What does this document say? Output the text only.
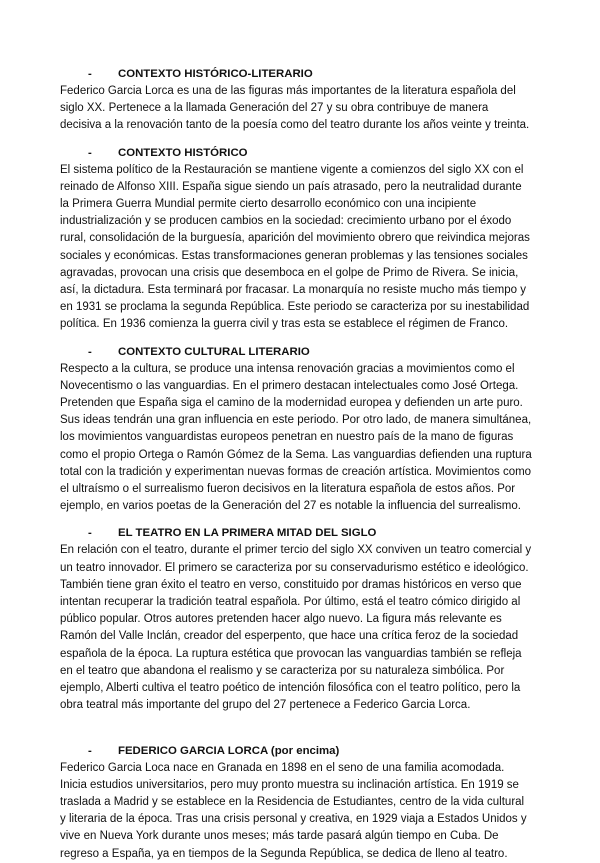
- CONTEXTO HISTÓRICO-LITERARIO

Federico Garcia Lorca es una de las figuras más importantes de la literatura española del
siglo XX. Pertenece a la llamada Generación del 27 y su obra contribuye de manera
decisiva a la renovación tanto de la poesía como del teatro durante los años veinte y treinta.

- CONTEXTO HISTÓRICO

El sistema político de la Restauración se mantiene vigente a comienzos del siglo XX con el
reinado de Alfonso XIII. España sigue siendo un país atrasado, pero la neutralidad durante
la Primera Guerra Mundial permite cierto desarrollo económico con una incipiente
industrialización y se producen cambios en la sociedad: crecimiento urbano por el éxodo
rural, consolidación de la burguesía, aparición del movimiento obrero que reivindica mejoras
sociales y económicas. Estas transformaciones generan problemas y las tensiones sociales
agravadas, provocan una crisis que desemboca en el golpe de Primo de Rivera. Se inicia,
así, la dictadura. Esta terminará por fracasar. La monarquía no resiste mucho más tiempo y
en 1931 se proclama la segunda República. Este periodo se caracteriza por su inestabilidad
política. En 1936 comienza la guerra civil y tras esta se establece el régimen de Franco.

- CONTEXTO CULTURAL LITERARIO

Respecto a la cultura, se produce una intensa renovación gracias a movimientos como el
Novecentismo o las vanguardias. En el primero destacan intelectuales como José Ortega.
Pretenden que España siga el camino de la modernidad europea y defienden un arte puro.
Sus ideas tendrán una gran influencia en este periodo. Por otro lado, de manera simultánea,
los movimientos vanguardistas europeos penetran en nuestro país de la mano de figuras
como el propio Ortega o Ramón Gómez de la Sema. Las vanguardias defienden una ruptura
total con la tradición y experimentan nuevas formas de creación artística. Movimientos como
el ultraísmo o el surrealismo fueron decisivos en la literatura española de estos años. Por
ejemplo, en varios poetas de la Generación del 27 es notable la influencia del surrealismo.

- EL TEATRO EN LA PRIMERA MITAD DEL SIGLO

En relación con el teatro, durante el primer tercio del siglo XX conviven un teatro comercial y
un teatro innovador. El primero se caracteriza por su conservadurismo estético e ideológico.
También tiene gran éxito el teatro en verso, constituido por dramas históricos en verso que
intentan recuperar la tradición teatral española. Por último, está el teatro cómico dirigido al
público popular. Otros autores pretenden hacer algo nuevo. La figura más relevante es
Ramón del Valle Inclán, creador del esperpento, que hace una crítica feroz de la sociedad
española de la época. La ruptura estética que provocan las vanguardias también se refleja
en el teatro que abandona el realismo y se caracteriza por su naturaleza simbólica. Por
ejemplo, Alberti cultiva el teatro poético de intención filosófica con el teatro político, pero la
obra teatral más importante del grupo del 27 pertenece a Federico Garcia Lorca.

- FEDERICO GARCIA LORCA (por encima)

Federico Garcia Loca nace en Granada en 1898 en el seno de una familia acomodada.
Inicia estudios universitarios, pero muy pronto muestra su inclinación artística. En 1919 se
traslada a Madrid y se establece en la Residencia de Estudiantes, centro de la vida cultural
y literaria de la época. Tras una crisis personal y creativa, en 1929 viaja a Estados Unidos y
vive en Nueva York durante unos meses; más tarde pasará algún tiempo en Cuba. De
regreso a España, ya en tiempos de la Segunda República, se dedica de lleno al teatro.
